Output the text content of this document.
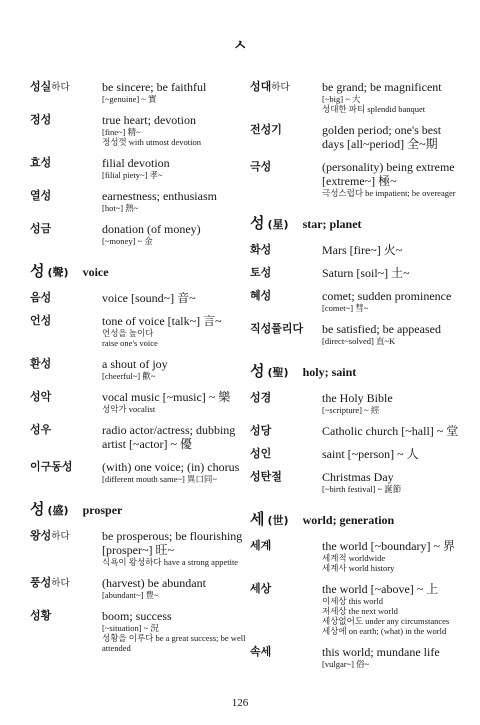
ㅅ
성실하다	be sincere; be faithful
[~genuine] ~ 實
정성	true heart; devotion
[fine~] 精~
정성껏 with utmost devotion
효성	filial devotion
[filial piety~] 孝~
열성	earnestness; enthusiasm
[hot~] 熱~
성금	donation (of money)
[~money] ~ 金
성 (聲) voice
음성	voice [sound~] 音~
언성	tone of voice [talk~] 言~
언성을 높이다
raise one's voice
환성	a shout of joy
[cheerful~] 歡~
성악	vocal music [~music] ~ 樂
성악가 vocalist
성우	radio actor/actress; dubbing artist [~actor] ~ 優
이구동성	(with) one voice; (in) chorus
[different mouth same~] 異口同~
성 (盛) prosper
왕성하다	be prosperous; be flourishing [prosper~] 旺~
식욕이 왕성하다 have a strong appetite
풍성하다	(harvest) be abundant
[abundant~] 豊~
성황	boom; success
[~situation] ~ 況
성황을 이루다 be a great success; be well attended
성대하다	be grand; be magnificent
[~big] ~ 大
성대한 파티 splendid banquet
전성기	golden period; one's best days [all~period] 全~期
극성	(personality) being extreme [extreme~] 極~
극성스럽다 be impatient; be overeager
성 (星) star; planet
화성	Mars [fire~] 火~
토성	Saturn [soil~] 土~
혜성	comet; sudden prominence
[comet~] 彗~
직성풀리다	be satisfied; be appeased
[direct~solved] 直~K
성 (聖) holy; saint
성경	the Holy Bible
[~scripture] ~ 經
성당	Catholic church [~hall] ~ 堂
성인	saint [~person] ~ 人
성탄절	Christmas Day
[~birth festival] ~ 誕節
세 (世) world; generation
세계	the world [~boundary] ~ 界
세계적 worldwide
세계사 world history
세상	the world [~above] ~ 上
이세상 this world
저세상 the next world
세상없어도 under any circumstances
세상에 on earth; (what) in the world
속세	this world; mundane life
[vulgar~] 俗~
126
